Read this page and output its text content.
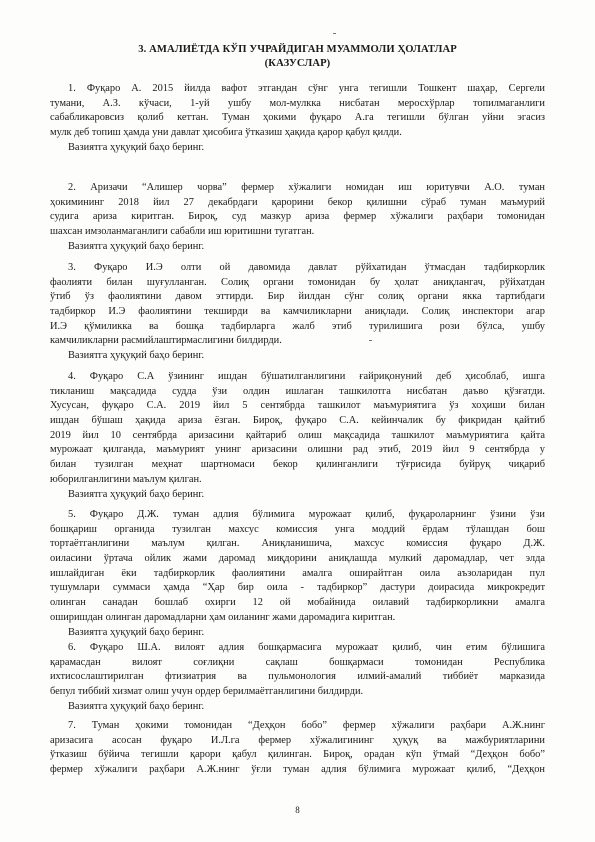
3. АМАЛИЁТДА КЎП УЧРАЙДИГАН МУАММОЛИ ҲОЛАТЛАР
(КАЗУСЛАР)
1. Фуқаро А. 2015 йилда вафот этгандан сўнг унга тегишли Тошкент шаҳар, Сергели
тумани, А.З. кўчаси, 1-уй ушбу мол-мулкка нисбатан меросхўрлар топилмаганлиги
сабабликаровсиз қолиб кеттан. Туман ҳокими фуқаро А.га тегишли бўлган уйни эгасиз
мулк деб топиш ҳамда уни давлат ҳисобига ўтказиш ҳақида қарор қабул қилди.
Вазиятга ҳуқуқий баҳо беринг.
2. Аризачи “Алишер чорва” фермер хўжалиги номидан иш юритувчи А.О. туман
ҳокимининг 2018 йил 27 декабрдаги қарорини бекор қилишни сўраб туман маъмурий
судига ариза киритган. Бироқ, суд мазкур ариза фермер хўжалиги раҳбари томонидан
шахсан имзоланмаганлиги сабабли иш юритишни тугатган.
Вазиятга ҳуқуқий баҳо беринг.
3. Фуқаро И.Э олти ой давомида давлат рўйхатидан ўтмасдан тадбиркорлик
фаолияти билан шуғулланган. Солиқ органи томонидан бу ҳолат аниқлангач, рўйхатдан
ўтиб ўз фаолиятини давом эттирди. Бир йилдан сўнг солиқ органи якка тартибдаги
тадбиркор И.Э фаолиятини текширди ва камчиликларни аниқлади. Солиқ инспектори агар
И.Э қўмиликка ва бошқа тадбирларга жалб этиб турилишига рози бўлса, ушбу
камчиликларни расмийлаштирмаслигини билдирди.
Вазиятга ҳуқуқий баҳо беринг.
4. Фуқаро С.А ўзининг ишдан бўшатилганлигини ғайриқонуний деб ҳисоблаб, ишга
тикланиш мақсадида судда ўзи олдин ишлаган ташкилотга нисбатан даъво қўзғатди.
Хусусан, фуқаро С.А. 2019 йил 5 сентябрда ташкилот маъмуриятига ўз хоҳиши билан
ишдан бўшаш ҳақида ариза ёзган. Бироқ, фуқаро С.А. кейинчалик бу фикридан қайтиб
2019 йил 10 сентябрда аризасини қайтариб олиш мақсадида ташкилот маъмуриятига қайта
мурожаат қилганда, маъмурият унинг аризасини олишни рад этиб, 2019 йил 9 сентябрда у
билан тузилган меҳнат шартномаси бекор қилинганлиги тўғрисида буйруқ чиқариб
юборилганлигини маълум қилган.
Вазиятга ҳуқуқий баҳо беринг.
5. Фуқаро Д.Ж. туман адлия бўлимига мурожаат қилиб, фуқароларнинг ўзини ўзи
бошқариш органида тузилган махсус комиссия унга моддий ёрдам тўлашдан бош
тортаётганлигини маълум қилган. Аниқланишича, махсус комиссия фуқаро Д.Ж.
оиласини ўртача ойлик жами даромад миқдорини аниқлашда мулкий даромадлар, чет элда
ишлайдиган ёки тадбиркорлик фаолиятини амалга оширайтган оила аъзоларидан пул
тушумлари суммаси ҳамда “Ҳар бир оила - тадбиркор” дастури доирасида микрокредит
олинган санадан бошлаб охирги 12 ой мобайнида оилавий тадбиркорликни амалга
оширишдан олинган даромадларни ҳам оиланинг жами даромадига киритган.
Вазиятга ҳуқуқий баҳо беринг.
6. Фуқаро Ш.А. вилоят адлия бошқармасига мурожаат қилиб, чин етим бўлишига
қарамасдан вилоят соғлиқни сақлаш бошқармаси томонидан Республика
ихтисослаштирилган фтизиатрия ва пульмонология илмий-амалий тиббиёт марказида
бепул тиббий хизмат олиш учун ордер берилмаётганлигини билдирди.
Вазиятга ҳуқуқий баҳо беринг.
7. Туман ҳокими томонидан “Деҳқон бобо” фермер хўжалиги раҳбари А.Ж.нинг
аризасига асосан фуқаро И.Л.га фермер хўжалигининг ҳуқуқ ва мажбуриятларини
ўтказиш бўйича тегишли қарори қабул қилинган. Бироқ, орадан кўп ўтмай “Деҳқон бобо”
фермер хўжалиги раҳбари А.Ж.нинг ўғли туман адлия бўлимига мурожаат қилиб, “Деҳқон
8
